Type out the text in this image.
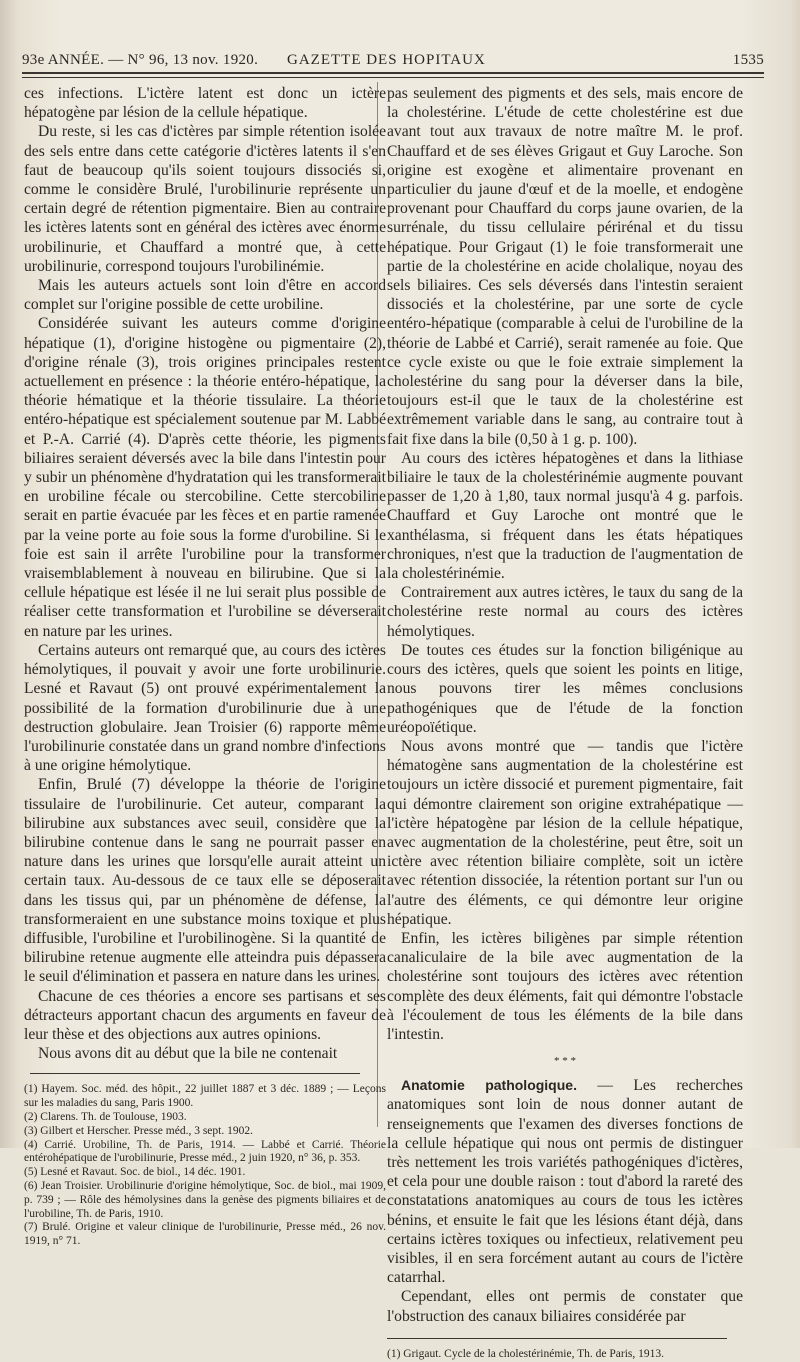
93e ANNÉE. — N° 96, 13 nov. 1920. GAZETTE DES HOPITAUX	1535

ces infections. L'ictère latent est donc un ictère hépatogène par lésion de la cellule hépatique.

Du reste, si les cas d'ictères par simple rétention isolée des sels entre dans cette catégorie d'ictères latents il s'en faut de beaucoup qu'ils soient toujours dissociés si, comme le considère Brulé, l'urobilinurie représente un certain degré de rétention pigmentaire. Bien au contraire les ictères latents sont en général des ictères avec énorme urobilinurie, et Chauffard a montré que, à cette urobilinurie, correspond toujours l'urobilinémie.

Mais les auteurs actuels sont loin d'être en accord complet sur l'origine possible de cette urobiline.

Considérée suivant les auteurs comme d'origine hépatique (1), d'origine histogène ou pigmentaire (2), d'origine rénale (3), trois origines principales restent actuellement en présence : la théorie entéro-hépatique, la théorie hématique et la théorie tissulaire. La théorie entéro-hépatique est spécialement soutenue par M. Labbé et P.-A. Carrié (4). D'après cette théorie, les pigments biliaires seraient déversés avec la bile dans l'intestin pour y subir un phénomène d'hydratation qui les transformerait en urobiline fécale ou stercobiline. Cette stercobiline serait en partie évacuée par les fèces et en partie ramenée par la veine porte au foie sous la forme d'urobiline. Si le foie est sain il arrête l'urobiline pour la transformer vraisemblablement à nouveau en bilirubine. Que si la cellule hépatique est lésée il ne lui serait plus possible de réaliser cette transformation et l'urobiline se déverserait en nature par les urines.

Certains auteurs ont remarqué que, au cours des ictères hémolytiques, il pouvait y avoir une forte urobilinurie. Lesné et Ravaut (5) ont prouvé expérimentalement la possibilité de la formation d'urobilinurie due à une destruction globulaire. Jean Troisier (6) rapporte même l'urobilinurie constatée dans un grand nombre d'infections à une origine hémolytique.

Enfin, Brulé (7) développe la théorie de l'origine tissulaire de l'urobilinurie. Cet auteur, comparant la bilirubine aux substances avec seuil, considère que la bilirubine contenue dans le sang ne pourrait passer en nature dans les urines que lorsqu'elle aurait atteint un certain taux. Au-dessous de ce taux elle se déposerait dans les tissus qui, par un phénomène de défense, la transformeraient en une substance moins toxique et plus diffusible, l'urobiline et l'urobilinogène. Si la quantité de bilirubine retenue augmente elle atteindra puis dépassera le seuil d'élimination et passera en nature dans les urines.

Chacune de ces théories a encore ses partisans et ses détracteurs apportant chacun des arguments en faveur de leur thèse et des objections aux autres opinions.

Nous avons dit au début que la bile ne contenait

(1) Hayem. Soc. méd. des hôpit., 22 juillet 1887 et 3 déc. 1889 ; — Leçons sur les maladies du sang, Paris 1900.

(2) Clarens. Th. de Toulouse, 1903.

(3) Gilbert et Herscher. Presse méd., 3 sept. 1902.

(4) Carrié. Urobiline, Th. de Paris, 1914. — Labbé et Carrié. Théorie entérohépatique de l'urobilinurie, Presse méd., 2 juin 1920, n° 36, p. 353.

(5) Lesné et Ravaut. Soc. de biol., 14 déc. 1901.

(6) Jean Troisier. Urobilinurie d'origine hémolytique, Soc. de biol., mai 1909, p. 739 ; — Rôle des hémolysines dans la genèse des pigments biliaires et de l'urobiline, Th. de Paris, 1910.

(7) Brulé. Origine et valeur clinique de l'urobilinurie, Presse méd., 26 nov. 1919, n° 71.

pas seulement des pigments et des sels, mais encore de la cholestérine. L'étude de cette cholestérine est due avant tout aux travaux de notre maître M. le prof. Chauffard et de ses élèves Grigaut et Guy Laroche. Son origine est exogène et alimentaire provenant en particulier du jaune d'œuf et de la moelle, et endogène provenant pour Chauffard du corps jaune ovarien, de la surrénale, du tissu cellulaire périrénal et du tissu hépatique. Pour Grigaut (1) le foie transformerait une partie de la cholestérine en acide cholalique, noyau des sels biliaires. Ces sels déversés dans l'intestin seraient dissociés et la cholestérine, par une sorte de cycle entéro-hépatique (comparable à celui de l'urobiline de la théorie de Labbé et Carrié), serait ramenée au foie. Que ce cycle existe ou que le foie extraie simplement la cholestérine du sang pour la déverser dans la bile, toujours est-il que le taux de la cholestérine est extrêmement variable dans le sang, au contraire tout à fait fixe dans la bile (0,50 à 1 g. p. 100).

Au cours des ictères hépatogènes et dans la lithiase biliaire le taux de la cholestérinémie augmente pouvant passer de 1,20 à 1,80, taux normal jusqu'à 4 g. parfois. Chauffard et Guy Laroche ont montré que le xanthélasma, si fréquent dans les états hépatiques chroniques, n'est que la traduction de l'augmentation de la cholestérinémie.

Contrairement aux autres ictères, le taux du sang de la cholestérine reste normal au cours des ictères hémolytiques.

De toutes ces études sur la fonction biligénique au cours des ictères, quels que soient les points en litige, nous pouvons tirer les mêmes conclusions pathogéniques que de l'étude de la fonction uréopoïétique.

Nous avons montré que — tandis que l'ictère hématogène sans augmentation de la cholestérine est toujours un ictère dissocié et purement pigmentaire, fait qui démontre clairement son origine extrahépatique — l'ictère hépatogène par lésion de la cellule hépatique, avec augmentation de la cholestérine, peut être, soit un ictère avec rétention biliaire complète, soit un ictère avec rétention dissociée, la rétention portant sur l'un ou l'autre des éléments, ce qui démontre leur origine hépatique.

Enfin, les ictères biligènes par simple rétention canaliculaire de la bile avec augmentation de la cholestérine sont toujours des ictères avec rétention complète des deux éléments, fait qui démontre l'obstacle à l'écoulement de tous les éléments de la bile dans l'intestin.

* * *

Anatomie pathologique. — Les recherches anatomiques sont loin de nous donner autant de renseignements que l'examen des diverses fonctions de la cellule hépatique qui nous ont permis de distinguer très nettement les trois variétés pathogéniques d'ictères, et cela pour une double raison : tout d'abord la rareté des constatations anatomiques au cours de tous les ictères bénins, et ensuite le fait que les lésions étant déjà, dans certains ictères toxiques ou infectieux, relativement peu visibles, il en sera forcément autant au cours de l'ictère catarrhal.

Cependant, elles ont permis de constater que l'obstruction des canaux biliaires considérée par

(1) Grigaut. Cycle de la cholestérinémie, Th. de Paris, 1913.
